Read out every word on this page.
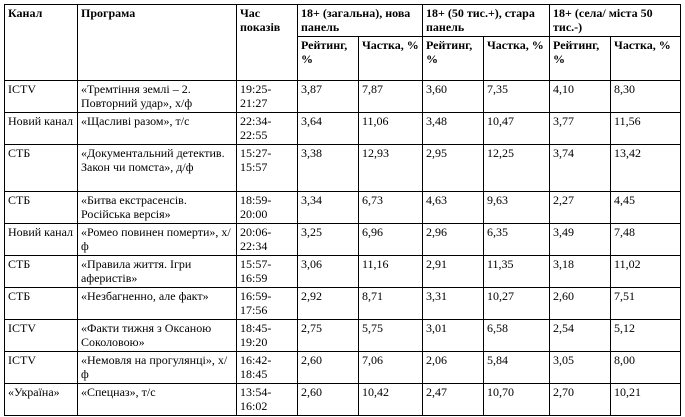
Канал	Програма	Час показів	18+ (загальна), нова панель		18+ (50 тис.+), стара панель		18+ (села/ міста 50 тис.-)	
			Рейтинг, %	Частка, %	Рейтинг, %	Частка, %	Рейтинг, %	Частка, %
ICTV	«Тремтіння землі – 2. Повторний удар», х/ф	19:25-21:27	3,87	7,87	3,60	7,35	4,10	8,30
Новий канал	«Щасливі разом», т/с	22:34-22:55	3,64	11,06	3,48	10,47	3,77	11,56
СТБ	«Документальний детектив. Закон чи помста», д/ф	15:27-15:57	3,38	12,93	2,95	12,25	3,74	13,42
СТБ	«Битва екстрасенсів. Російська версія»	18:59-20:00	3,34	6,73	4,63	9,63	2,27	4,45
Новий канал	«Ромео повинен померти», х/ф	20:06-22:34	3,25	6,96	2,96	6,35	3,49	7,48
СТБ	«Правила життя. Ігри аферистів»	15:57-16:59	3,06	11,16	2,91	11,35	3,18	11,02
СТБ	«Незбагненно, але факт»	16:59-17:56	2,92	8,71	3,31	10,27	2,60	7,51
ICTV	«Факти тижня з Оксаною Соколовою»	18:45-19:20	2,75	5,75	3,01	6,58	2,54	5,12
ICTV	«Немовля на прогулянці», х/ф	16:42-18:45	2,60	7,06	2,06	5,84	3,05	8,00
«Україна»	«Спецназ», т/с	13:54-16:02	2,60	10,42	2,47	10,70	2,70	10,21
